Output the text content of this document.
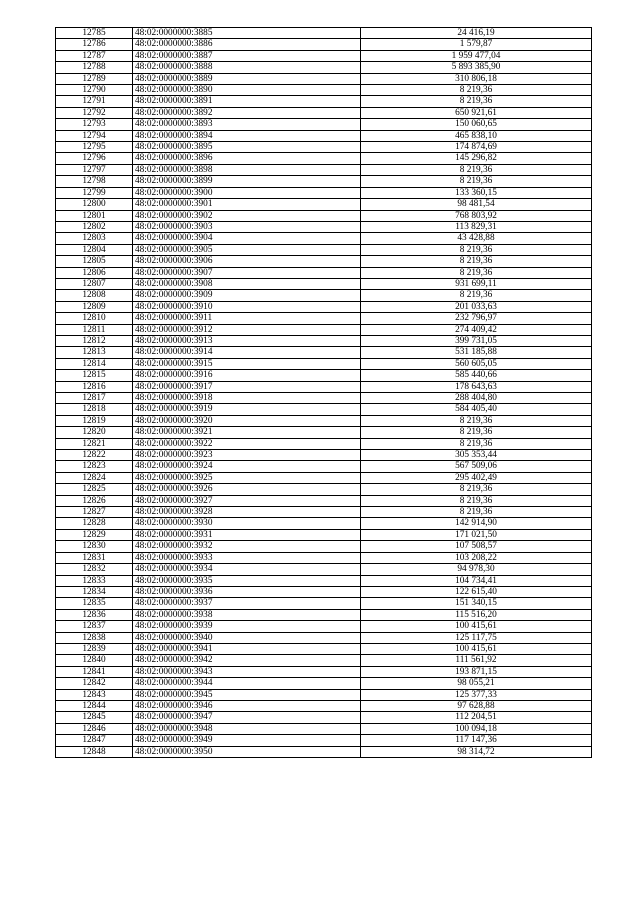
12785	48:02:0000000:3885	24 416,19
12786	48:02:0000000:3886	1 579,87
12787	48:02:0000000:3887	1 959 477,04
12788	48:02:0000000:3888	5 893 385,90
12789	48:02:0000000:3889	310 806,18
12790	48:02:0000000:3890	8 219,36
12791	48:02:0000000:3891	8 219,36
12792	48:02:0000000:3892	650 921,61
12793	48:02:0000000:3893	150 060,65
12794	48:02:0000000:3894	465 838,10
12795	48:02:0000000:3895	174 874,69
12796	48:02:0000000:3896	145 296,82
12797	48:02:0000000:3898	8 219,36
12798	48:02:0000000:3899	8 219,36
12799	48:02:0000000:3900	133 360,15
12800	48:02:0000000:3901	98 481,54
12801	48:02:0000000:3902	768 803,92
12802	48:02:0000000:3903	113 829,31
12803	48:02:0000000:3904	43 428,88
12804	48:02:0000000:3905	8 219,36
12805	48:02:0000000:3906	8 219,36
12806	48:02:0000000:3907	8 219,36
12807	48:02:0000000:3908	931 699,11
12808	48:02:0000000:3909	8 219,36
12809	48:02:0000000:3910	201 033,63
12810	48:02:0000000:3911	232 796,97
12811	48:02:0000000:3912	274 409,42
12812	48:02:0000000:3913	399 731,05
12813	48:02:0000000:3914	531 185,88
12814	48:02:0000000:3915	560 605,05
12815	48:02:0000000:3916	585 440,66
12816	48:02:0000000:3917	178 643,63
12817	48:02:0000000:3918	288 404,80
12818	48:02:0000000:3919	584 405,40
12819	48:02:0000000:3920	8 219,36
12820	48:02:0000000:3921	8 219,36
12821	48:02:0000000:3922	8 219,36
12822	48:02:0000000:3923	305 353,44
12823	48:02:0000000:3924	567 509,06
12824	48:02:0000000:3925	295 402,49
12825	48:02:0000000:3926	8 219,36
12826	48:02:0000000:3927	8 219,36
12827	48:02:0000000:3928	8 219,36
12828	48:02:0000000:3930	142 914,90
12829	48:02:0000000:3931	171 021,50
12830	48:02:0000000:3932	107 508,57
12831	48:02:0000000:3933	103 208,22
12832	48:02:0000000:3934	94 978,30
12833	48:02:0000000:3935	104 734,41
12834	48:02:0000000:3936	122 615,40
12835	48:02:0000000:3937	151 340,15
12836	48:02:0000000:3938	115 516,20
12837	48:02:0000000:3939	100 415,61
12838	48:02:0000000:3940	125 117,75
12839	48:02:0000000:3941	100 415,61
12840	48:02:0000000:3942	111 561,92
12841	48:02:0000000:3943	193 871,15
12842	48:02:0000000:3944	98 055,21
12843	48:02:0000000:3945	125 377,33
12844	48:02:0000000:3946	97 628,88
12845	48:02:0000000:3947	112 204,51
12846	48:02:0000000:3948	100 094,18
12847	48:02:0000000:3949	117 147,36
12848	48:02:0000000:3950	98 314,72
